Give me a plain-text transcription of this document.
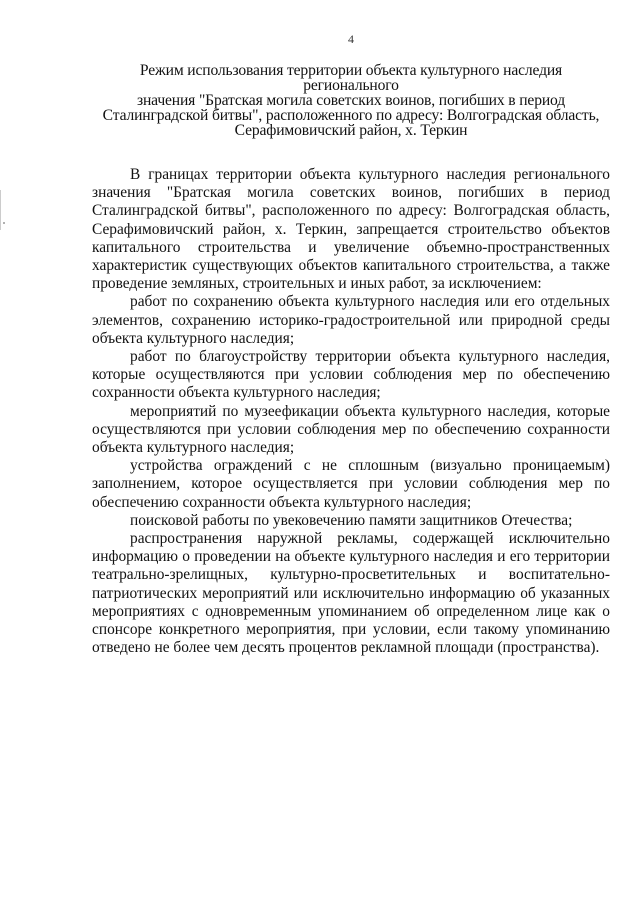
4
Режим использования территории объекта культурного наследия регионального
значения "Братская могила советских воинов, погибших в период
Сталинградской битвы", расположенного по адресу: Волгоградская область,
Серафимовичский район, х. Теркин

В границах территории объекта культурного наследия регионального значения "Братская могила советских воинов, погибших в период Сталинградской битвы", расположенного по адресу: Волгоградская область, Серафимовичский район, х. Теркин, запрещается строительство объектов капитального строительства и увеличение объемно-пространственных характеристик существующих объектов капитального строительства, а также проведение земляных, строительных и иных работ, за исключением:

работ по сохранению объекта культурного наследия или его отдельных элементов, сохранению историко-градостроительной или природной среды объекта культурного наследия;

работ по благоустройству территории объекта культурного наследия, которые осуществляются при условии соблюдения мер по обеспечению сохранности объекта культурного наследия;

мероприятий по музеефикации объекта культурного наследия, которые осуществляются при условии соблюдения мер по обеспечению сохранности объекта культурного наследия;

устройства ограждений с не сплошным (визуально проницаемым) заполнением, которое осуществляется при условии соблюдения мер по обеспечению сохранности объекта культурного наследия;

поисковой работы по увековечению памяти защитников Отечества;

распространения наружной рекламы, содержащей исключительно информацию о проведении на объекте культурного наследия и его территории театрально-зрелищных, культурно-просветительных и воспитательно-патриотических мероприятий или исключительно информацию об указанных мероприятиях с одновременным упоминанием об определенном лице как о спонсоре конкретного мероприятия, при условии, если такому упоминанию отведено не более чем десять процентов рекламной площади (пространства).
